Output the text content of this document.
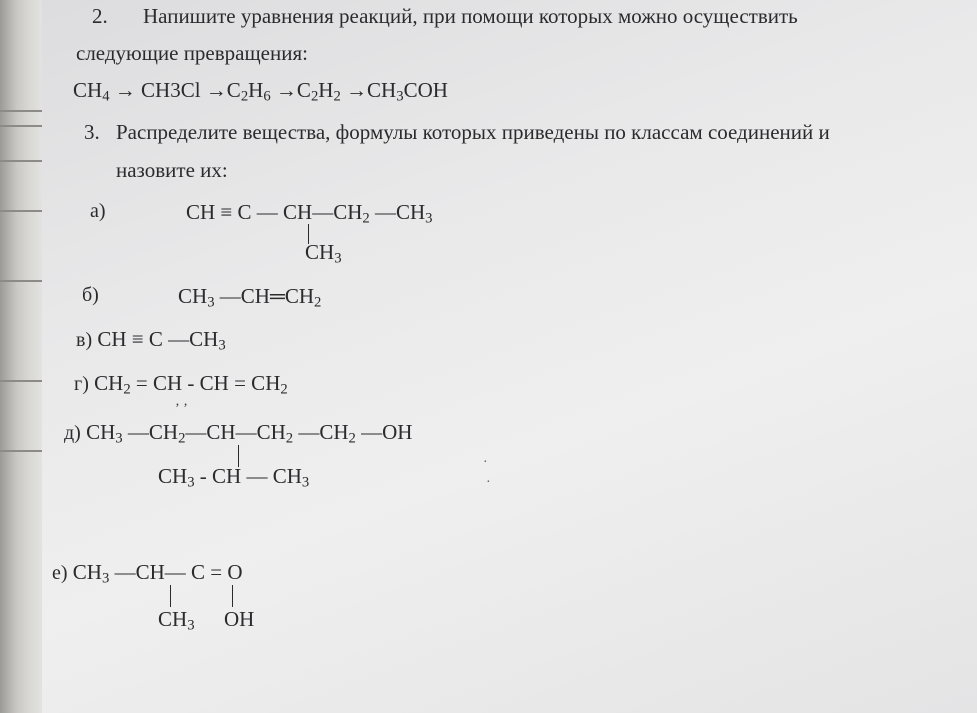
2. Напишите уравнения реакций, при помощи которых можно осуществить
следующие превращения:
$CH_4 \to CH3Cl \to C_2H_6 \to C_2H_2 \to CH_3COH$
3. Распределите вещества, формулы которых приведены по классам соединений и
назовите их:
а)	CH ≡ C — $CH—CH_2$ $—CH_3$
$CH_3$
б)	$CH_3$ $—CH═CH_2$
в) CH ≡ C $—CH_3$
г) $CH_2$ = CH - CH = $CH_2$
‚ ‚
д) $CH_3$ $—CH_2—CH—CH_2$ $—CH_2$ —OH
$CH_3$ - CH — $CH_3$
·
·
е) $CH_3$ —CH— C = O
$CH_3$ OH
